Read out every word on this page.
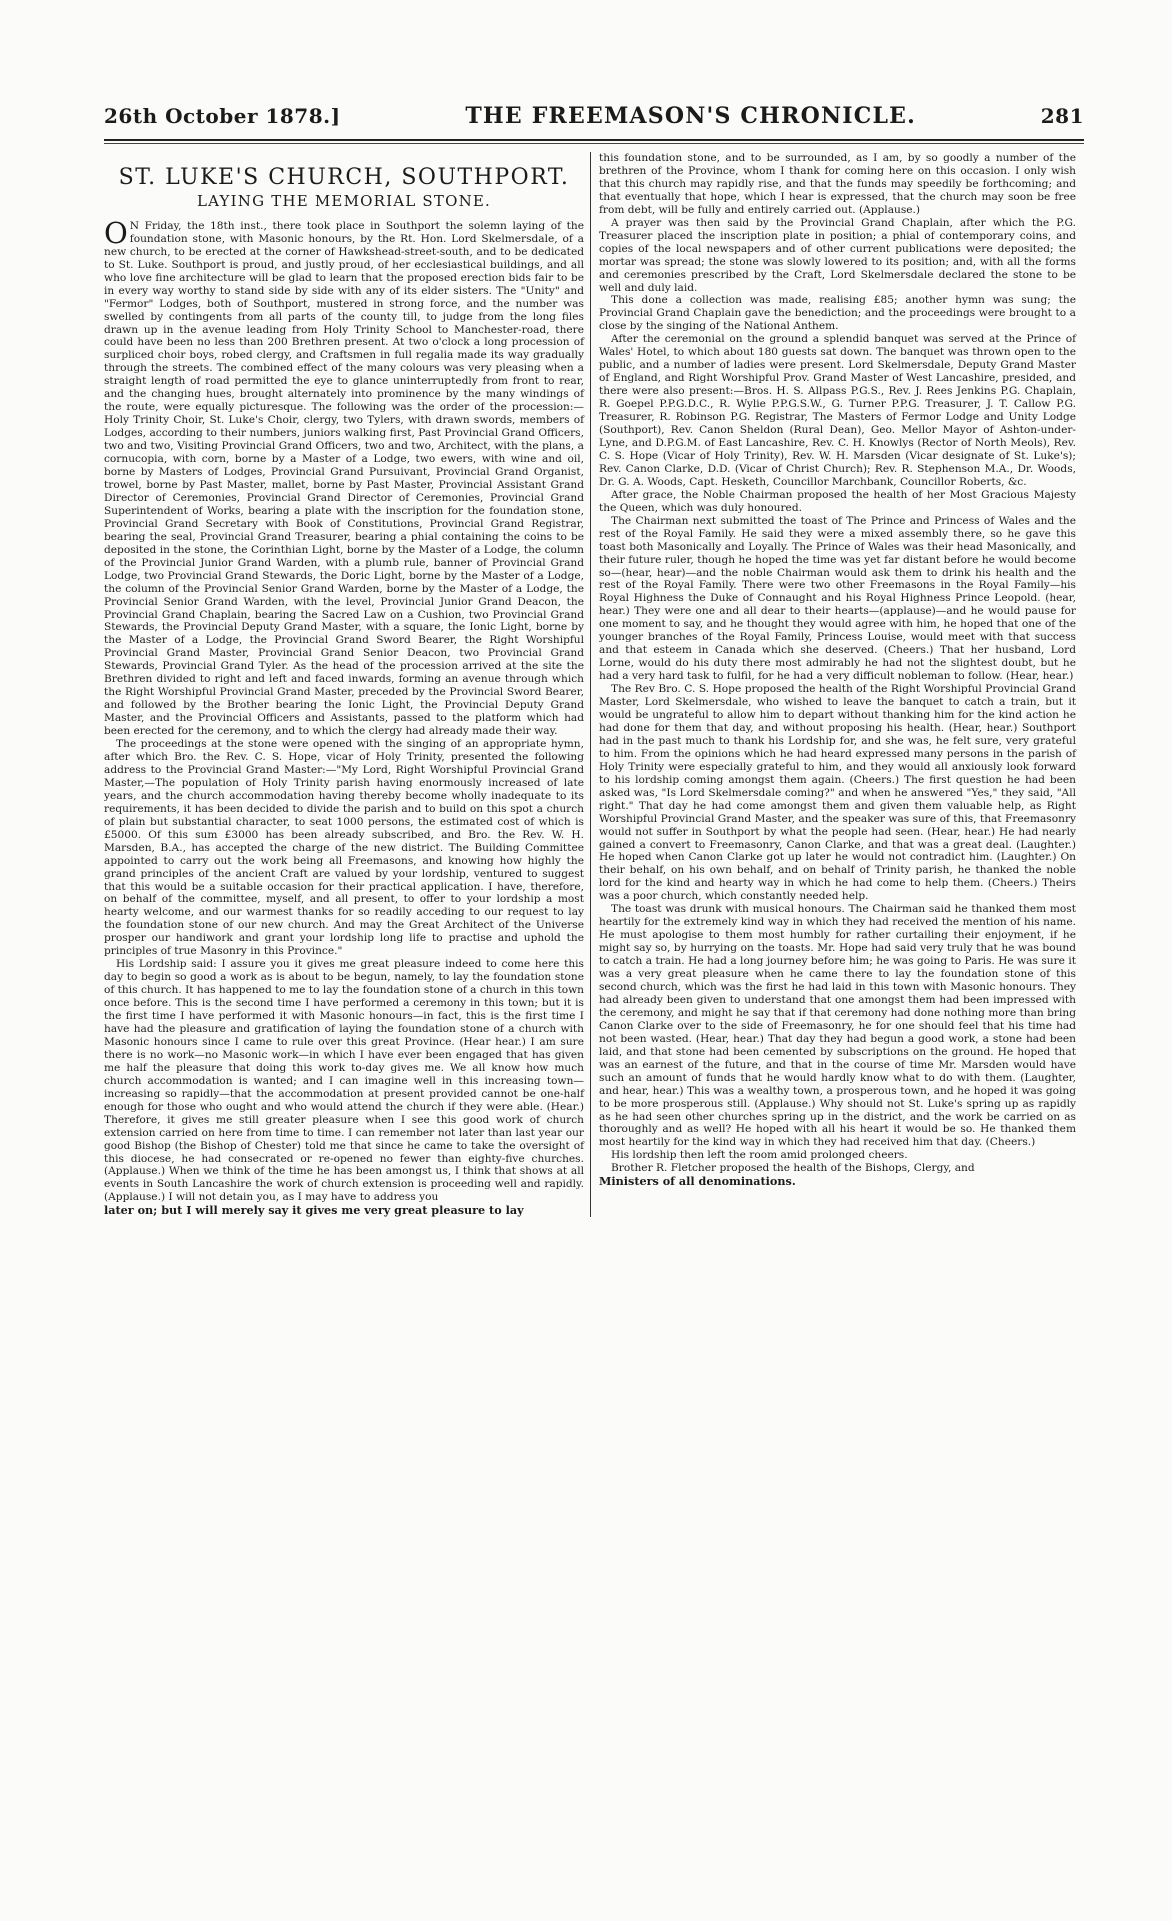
26th October 1878.]	THE FREEMASON'S CHRONICLE.	281
ST. LUKE'S CHURCH, SOUTHPORT.
LAYING THE MEMORIAL STONE.

O N Friday, the 18th inst., there took place in Southport the solemn laying of the foundation stone, with Masonic honours, by the Rt. Hon. Lord Skelmersdale, of a new church, to be erected at the corner of Hawkshead-street-south, and to be dedicated to St. Luke. Southport is proud, and justly proud, of her ecclesiastical buildings, and all who love fine architecture will be glad to learn that the proposed erection bids fair to be in every way worthy to stand side by side with any of its elder sisters. The "Unity" and "Fermor" Lodges, both of Southport, mustered in strong force, and the number was swelled by contingents from all parts of the county till, to judge from the long files drawn up in the avenue leading from Holy Trinity School to Manchester-road, there could have been no less than 200 Brethren present. At two o'clock a long procession of surpliced choir boys, robed clergy, and Craftsmen in full regalia made its way gradually through the streets. The combined effect of the many colours was very pleasing when a straight length of road permitted the eye to glance uninterruptedly from front to rear, and the changing hues, brought alternately into prominence by the many windings of the route, were equally picturesque. The following was the order of the procession:—Holy Trinity Choir, St. Luke's Choir, clergy, two Tylers, with drawn swords, members of Lodges, according to their numbers, juniors walking first, Past Provincial Grand Officers, two and two, Visiting Provincial Grand Officers, two and two, Architect, with the plans, a cornucopia, with corn, borne by a Master of a Lodge, two ewers, with wine and oil, borne by Masters of Lodges, Provincial Grand Pursuivant, Provincial Grand Organist, trowel, borne by Past Master, mallet, borne by Past Master, Provincial Assistant Grand Director of Ceremonies, Provincial Grand Director of Ceremonies, Provincial Grand Superintendent of Works, bearing a plate with the inscription for the foundation stone, Provincial Grand Secretary with Book of Constitutions, Provincial Grand Registrar, bearing the seal, Provincial Grand Treasurer, bearing a phial containing the coins to be deposited in the stone, the Corinthian Light, borne by the Master of a Lodge, the column of the Provincial Junior Grand Warden, with a plumb rule, banner of Provincial Grand Lodge, two Provincial Grand Stewards, the Doric Light, borne by the Master of a Lodge, the column of the Provincial Senior Grand Warden, borne by the Master of a Lodge, the Provincial Senior Grand Warden, with the level, Provincial Junior Grand Deacon, the Provincial Grand Chaplain, bearing the Sacred Law on a Cushion, two Provincial Grand Stewards, the Provincial Deputy Grand Master, with a square, the Ionic Light, borne by the Master of a Lodge, the Provincial Grand Sword Bearer, the Right Worshipful Provincial Grand Master, Provincial Grand Senior Deacon, two Provincial Grand Stewards, Provincial Grand Tyler. As the head of the procession arrived at the site the Brethren divided to right and left and faced inwards, forming an avenue through which the Right Worshipful Provincial Grand Master, preceded by the Provincial Sword Bearer, and followed by the Brother bearing the Ionic Light, the Provincial Deputy Grand Master, and the Provincial Officers and Assistants, passed to the platform which had been erected for the ceremony, and to which the clergy had already made their way.

The proceedings at the stone were opened with the singing of an appropriate hymn, after which Bro. the Rev. C. S. Hope, vicar of Holy Trinity, presented the following address to the Provincial Grand Master:—"My Lord, Right Worshipful Provincial Grand Master,—The population of Holy Trinity parish having enormously increased of late years, and the church accommodation having thereby become wholly inadequate to its requirements, it has been decided to divide the parish and to build on this spot a church of plain but substantial character, to seat 1000 persons, the estimated cost of which is £5000. Of this sum £3000 has been already subscribed, and Bro. the Rev. W. H. Marsden, B.A., has accepted the charge of the new district. The Building Committee appointed to carry out the work being all Freemasons, and knowing how highly the grand principles of the ancient Craft are valued by your lordship, ventured to suggest that this would be a suitable occasion for their practical application. I have, therefore, on behalf of the committee, myself, and all present, to offer to your lordship a most hearty welcome, and our warmest thanks for so readily acceding to our request to lay the foundation stone of our new church. And may the Great Architect of the Universe prosper our handiwork and grant your lordship long life to practise and uphold the principles of true Masonry in this Province."

His Lordship said: I assure you it gives me great pleasure indeed to come here this day to begin so good a work as is about to be begun, namely, to lay the foundation stone of this church. It has happened to me to lay the foundation stone of a church in this town once before. This is the second time I have performed a ceremony in this town; but it is the first time I have performed it with Masonic honours—in fact, this is the first time I have had the pleasure and gratification of laying the foundation stone of a church with Masonic honours since I came to rule over this great Province. (Hear hear.) I am sure there is no work—no Masonic work—in which I have ever been engaged that has given me half the pleasure that doing this work to-day gives me. We all know how much church accommodation is wanted; and I can imagine well in this increasing town—increasing so rapidly—that the accommodation at present provided cannot be one-half enough for those who ought and who would attend the church if they were able. (Hear.) Therefore, it gives me still greater pleasure when I see this good work of church extension carried on here from time to time. I can remember not later than last year our good Bishop (the Bishop of Chester) told me that since he came to take the oversight of this diocese, he had consecrated or re-opened no fewer than eighty-five churches. (Applause.) When we think of the time he has been amongst us, I think that shows at all events in South Lancashire the work of church extension is proceeding well and rapidly. (Applause.) I will not detain you, as I may have to address you

later on; but I will merely say it gives me very great pleasure to lay

this foundation stone, and to be surrounded, as I am, by so goodly a number of the brethren of the Province, whom I thank for coming here on this occasion. I only wish that this church may rapidly rise, and that the funds may speedily be forthcoming; and that eventually that hope, which I hear is expressed, that the church may soon be free from debt, will be fully and entirely carried out. (Applause.)

A prayer was then said by the Provincial Grand Chaplain, after which the P.G. Treasurer placed the inscription plate in position; a phial of contemporary coins, and copies of the local newspapers and of other current publications were deposited; the mortar was spread; the stone was slowly lowered to its position; and, with all the forms and ceremonies prescribed by the Craft, Lord Skelmersdale declared the stone to be well and duly laid.

This done a collection was made, realising £85; another hymn was sung; the Provincial Grand Chaplain gave the benediction; and the proceedings were brought to a close by the singing of the National Anthem.

After the ceremonial on the ground a splendid banquet was served at the Prince of Wales' Hotel, to which about 180 guests sat down. The banquet was thrown open to the public, and a number of ladies were present. Lord Skelmersdale, Deputy Grand Master of England, and Right Worshipful Prov. Grand Master of West Lancashire, presided, and there were also present:—Bros. H. S. Allpass P.G.S., Rev. J. Rees Jenkins P.G. Chaplain, R. Goepel P.P.G.D.C., R. Wylie P.P.G.S.W., G. Turner P.P.G. Treasurer, J. T. Callow P.G. Treasurer, R. Robinson P.G. Registrar, The Masters of Fermor Lodge and Unity Lodge (Southport), Rev. Canon Sheldon (Rural Dean), Geo. Mellor Mayor of Ashton-under-Lyne, and D.P.G.M. of East Lancashire, Rev. C. H. Knowlys (Rector of North Meols), Rev. C. S. Hope (Vicar of Holy Trinity), Rev. W. H. Marsden (Vicar designate of St. Luke's); Rev. Canon Clarke, D.D. (Vicar of Christ Church); Rev. R. Stephenson M.A., Dr. Woods, Dr. G. A. Woods, Capt. Hesketh, Councillor Marchbank, Councillor Roberts, &c.

After grace, the Noble Chairman proposed the health of her Most Gracious Majesty the Queen, which was duly honoured.

The Chairman next submitted the toast of The Prince and Princess of Wales and the rest of the Royal Family. He said they were a mixed assembly there, so he gave this toast both Masonically and Loyally. The Prince of Wales was their head Masonically, and their future ruler, though he hoped the time was yet far distant before he would become so—(hear, hear)—and the noble Chairman would ask them to drink his health and the rest of the Royal Family. There were two other Freemasons in the Royal Family—his Royal Highness the Duke of Connaught and his Royal Highness Prince Leopold. (hear, hear.) They were one and all dear to their hearts—(applause)—and he would pause for one moment to say, and he thought they would agree with him, he hoped that one of the younger branches of the Royal Family, Princess Louise, would meet with that success and that esteem in Canada which she deserved. (Cheers.) That her husband, Lord Lorne, would do his duty there most admirably he had not the slightest doubt, but he had a very hard task to fulfil, for he had a very difficult nobleman to follow. (Hear, hear.)

The Rev Bro. C. S. Hope proposed the health of the Right Worshipful Provincial Grand Master, Lord Skelmersdale, who wished to leave the banquet to catch a train, but it would be ungrateful to allow him to depart without thanking him for the kind action he had done for them that day, and without proposing his health. (Hear, hear.) Southport had in the past much to thank his Lordship for, and she was, he felt sure, very grateful to him. From the opinions which he had heard expressed many persons in the parish of Holy Trinity were especially grateful to him, and they would all anxiously look forward to his lordship coming amongst them again. (Cheers.) The first question he had been asked was, "Is Lord Skelmersdale coming?" and when he answered "Yes," they said, "All right." That day he had come amongst them and given them valuable help, as Right Worshipful Provincial Grand Master, and the speaker was sure of this, that Freemasonry would not suffer in Southport by what the people had seen. (Hear, hear.) He had nearly gained a convert to Freemasonry, Canon Clarke, and that was a great deal. (Laughter.) He hoped when Canon Clarke got up later he would not contradict him. (Laughter.) On their behalf, on his own behalf, and on behalf of Trinity parish, he thanked the noble lord for the kind and hearty way in which he had come to help them. (Cheers.) Theirs was a poor church, which constantly needed help.

The toast was drunk with musical honours. The Chairman said he thanked them most heartily for the extremely kind way in which they had received the mention of his name. He must apologise to them most humbly for rather curtailing their enjoyment, if he might say so, by hurrying on the toasts. Mr. Hope had said very truly that he was bound to catch a train. He had a long journey before him; he was going to Paris. He was sure it was a very great pleasure when he came there to lay the foundation stone of this second church, which was the first he had laid in this town with Masonic honours. They had already been given to understand that one amongst them had been impressed with the ceremony, and might he say that if that ceremony had done nothing more than bring Canon Clarke over to the side of Freemasonry, he for one should feel that his time had not been wasted. (Hear, hear.) That day they had begun a good work, a stone had been laid, and that stone had been cemented by subscriptions on the ground. He hoped that was an earnest of the future, and that in the course of time Mr. Marsden would have such an amount of funds that he would hardly know what to do with them. (Laughter, and hear, hear.) This was a wealthy town, a prosperous town, and he hoped it was going to be more prosperous still. (Applause.) Why should not St. Luke's spring up as rapidly as he had seen other churches spring up in the district, and the work be carried on as thoroughly and as well? He hoped with all his heart it would be so. He thanked them most heartily for the kind way in which they had received him that day. (Cheers.)

His lordship then left the room amid prolonged cheers.

Brother R. Fletcher proposed the health of the Bishops, Clergy, and

Ministers of all denominations.
